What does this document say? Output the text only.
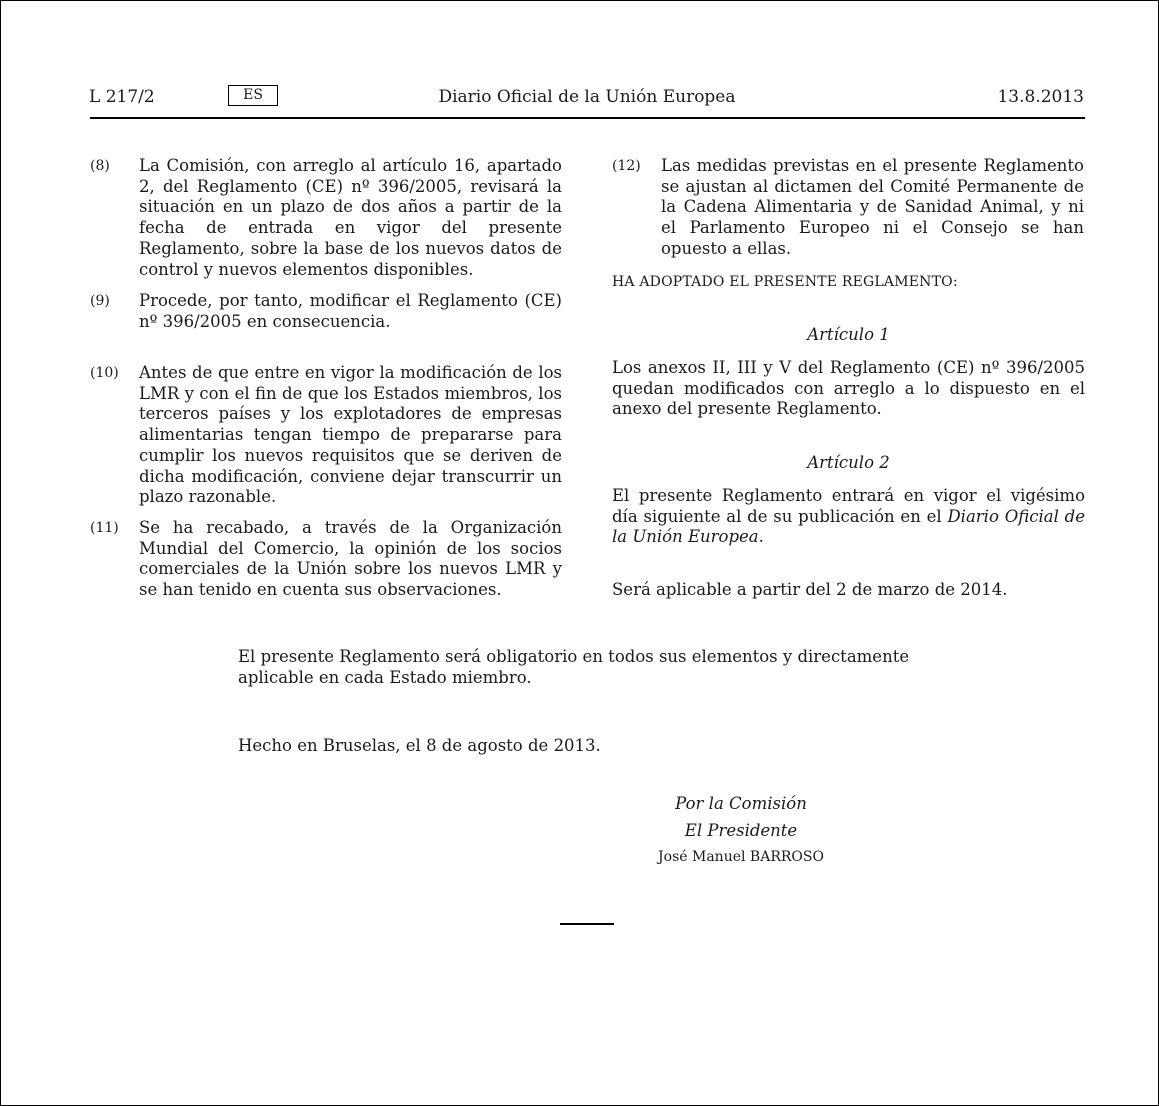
L 217/2	ES	Diario Oficial de la Unión Europea	13.8.2013
(8) La Comisión, con arreglo al artículo 16, apartado 2, del Reglamento (CE) nº 396/2005, revisará la situación en un plazo de dos años a partir de la fecha de entrada en vigor del presente Reglamento, sobre la base de los nuevos datos de control y nuevos elementos disponibles.
(9) Procede, por tanto, modificar el Reglamento (CE) nº 396/2005 en consecuencia.
(10) Antes de que entre en vigor la modificación de los LMR y con el fin de que los Estados miembros, los terceros países y los explotadores de empresas alimentarias tengan tiempo de prepararse para cumplir los nuevos requisitos que se deriven de dicha modificación, conviene dejar transcurrir un plazo razonable.
(11) Se ha recabado, a través de la Organización Mundial del Comercio, la opinión de los socios comerciales de la Unión sobre los nuevos LMR y se han tenido en cuenta sus observaciones.
(12) Las medidas previstas en el presente Reglamento se ajustan al dictamen del Comité Permanente de la Cadena Alimentaria y de Sanidad Animal, y ni el Parlamento Europeo ni el Consejo se han opuesto a ellas.
HA ADOPTADO EL PRESENTE REGLAMENTO:
Artículo 1
Los anexos II, III y V del Reglamento (CE) nº 396/2005 quedan modificados con arreglo a lo dispuesto en el anexo del presente Reglamento.
Artículo 2
El presente Reglamento entrará en vigor el vigésimo día siguiente al de su publicación en el Diario Oficial de la Unión Europea.
Será aplicable a partir del 2 de marzo de 2014.
El presente Reglamento será obligatorio en todos sus elementos y directamente aplicable en cada Estado miembro.
Hecho en Bruselas, el 8 de agosto de 2013.
Por la Comisión
El Presidente
José Manuel BARROSO
